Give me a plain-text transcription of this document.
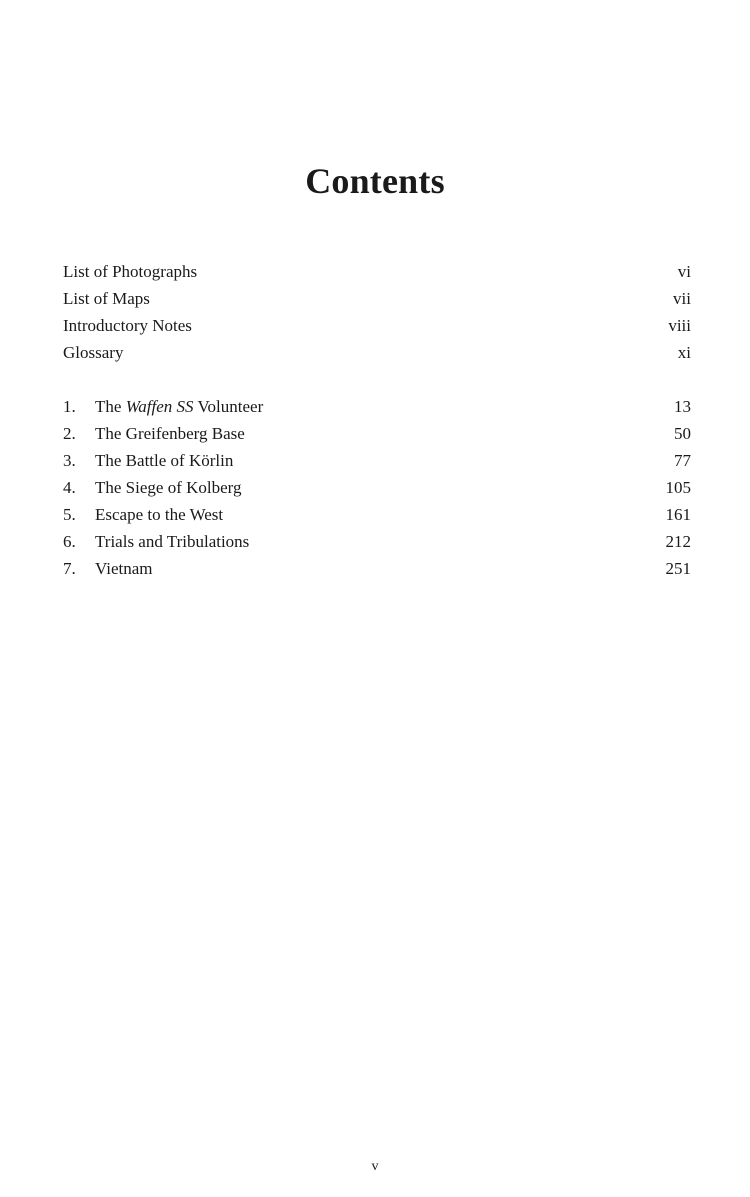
Contents
List of Photographs	vi
List of Maps	vii
Introductory Notes	viii
Glossary	xi
1.	The Waffen SS Volunteer	13
2.	The Greifenberg Base	50
3.	The Battle of Körlin	77
4.	The Siege of Kolberg	105
5.	Escape to the West	161
6.	Trials and Tribulations	212
7.	Vietnam	251
v
